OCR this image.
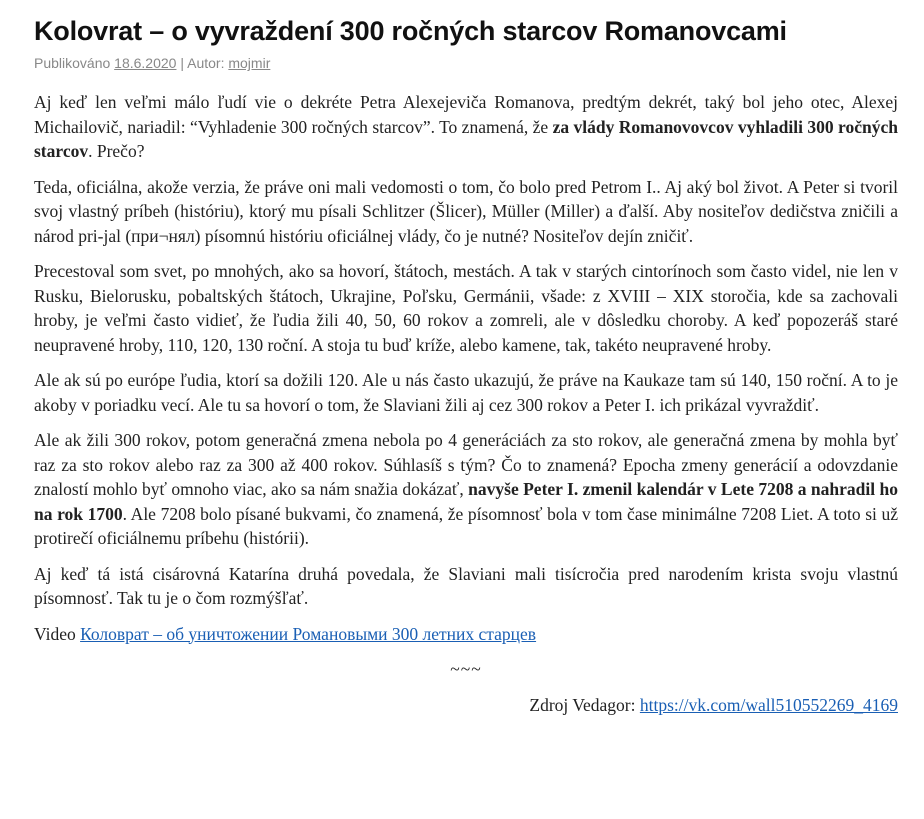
Kolovrat – o vyvraždení 300 ročných starcov Romanovcami
Publikováno 18.6.2020 | Autor: mojmir

Aj keď len veľmi málo ľudí vie o dekréte Petra Alexejeviča Romanova, predtým dekrét, taký bol jeho otec, Alexej Michailovič, nariadil: “Vyhladenie 300 ročných starcov”. To znamená, že za vlády Romanovovcov vyhladili 300 ročných starcov. Prečo?

Teda, oficiálna, akože verzia, že práve oni mali vedomosti o tom, čo bolo pred Petrom I.. Aj aký bol život. A Peter si tvoril svoj vlastný príbeh (históriu), ktorý mu písali Schlitzer (Šlicer), Müller (Miller) a ďalší. Aby nositeľov dedičstva zničili a národ pri-jal (при¬нял) písomnú históriu oficiálnej vlády, čo je nutné? Nositeľov dejín zničiť.

Precestoval som svet, po mnohých, ako sa hovorí, štátoch, mestách. A tak v starých cintorínoch som často videl, nie len v Rusku, Bielorusku, pobaltských štátoch, Ukrajine, Poľsku, Germánii, všade: z XVIII – XIX storočia, kde sa zachovali hroby, je veľmi často vidieť, že ľudia žili 40, 50, 60 rokov a zomreli, ale v dôsledku choroby. A keď popozeráš staré neupravené hroby, 110, 120, 130 roční. A stoja tu buď kríže, alebo kamene, tak, takéto neupravené hroby.

Ale ak sú po európe ľudia, ktorí sa dožili 120. Ale u nás často ukazujú, že práve na Kaukaze tam sú 140, 150 roční. A to je akoby v poriadku vecí. Ale tu sa hovorí o tom, že Slaviani žili aj cez 300 rokov a Peter I. ich prikázal vyvraždiť.

Ale ak žili 300 rokov, potom generačná zmena nebola po 4 generáciách za sto rokov, ale generačná zmena by mohla byť raz za sto rokov alebo raz za 300 až 400 rokov. Súhlasíš s tým? Čo to znamená? Epocha zmeny generácií a odovzdanie znalostí mohlo byť omnoho viac, ako sa nám snažia dokázať, navyše Peter I. zmenil kalendár v Lete 7208 a nahradil ho na rok 1700. Ale 7208 bolo písané bukvami, čo znamená, že písomnosť bola v tom čase minimálne 7208 Liet. A toto si už protirečí oficiálnemu príbehu (histórii).

Aj keď tá istá cisárovná Katarína druhá povedala, že Slaviani mali tisícročia pred narodením krista svoju vlastnú písomnosť. Tak tu je o čom rozmýšľať.

Video Коловрат – об уничтожении Романовыми 300 летних старцев

~~~

Zdroj Vedagor: https://vk.com/wall510552269_4169
